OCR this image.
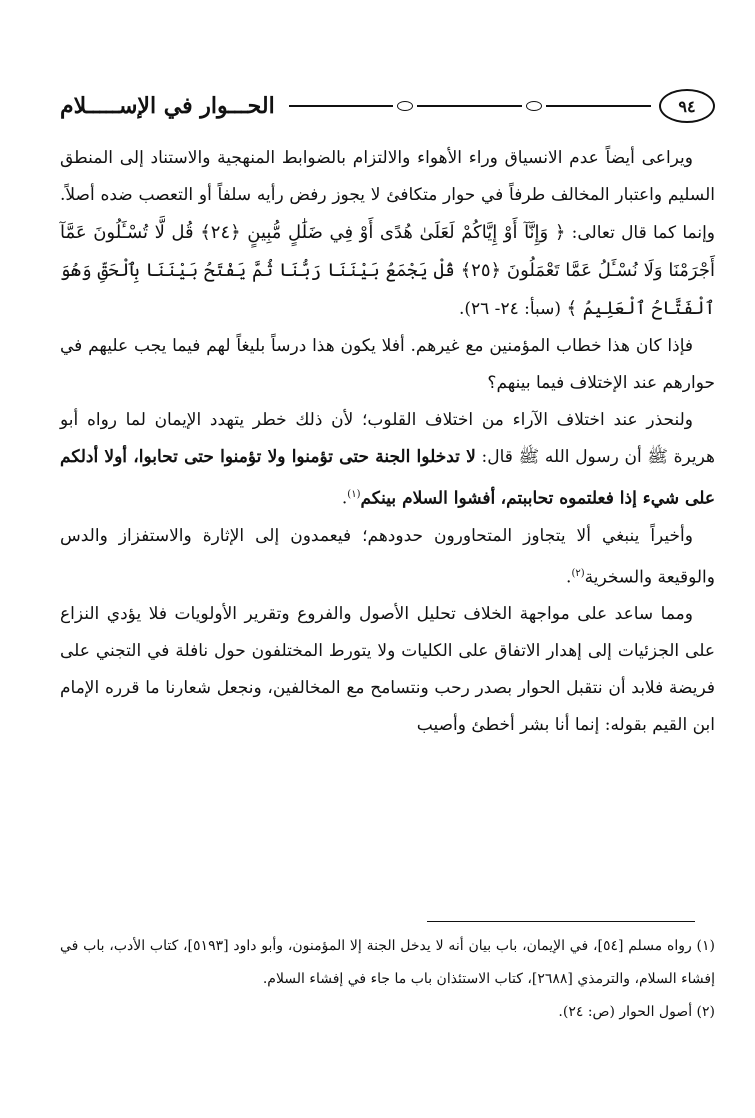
٩٤
الحـــوار في الإســـــلام

ويراعى أيضاً عدم الانسياق وراء الأهواء والالتزام بالضوابط المنهجية والاستناد إلى المنطق السليم واعتبار المخالف طرفاً في حوار متكافئ لا يجوز رفض رأيه سلفاً أو التعصب ضده أصلاً. وإنما كما قال تعالى: ﴿ وَإِنَّآ أَوْ إِيَّاكُمْ لَعَلَىٰ هُدًى أَوْ فِي ضَلَٰلٍ مُّبِينٍ ﴿٢٤﴾ قُل لَّا تُسْـَٔلُونَ عَمَّآ أَجْرَمْنَا وَلَا نُسْـَٔلُ عَمَّا تَعْمَلُونَ ﴿٢٥﴾ قُلْ يَجْمَعُ بَيْنَنَا رَبُّنَا ثُمَّ يَفْتَحُ بَيْنَنَا بِٱلْحَقِّ وَهُوَ ٱلْفَتَّاحُ ٱلْعَلِيمُ ﴾ (سبأ: ٢٤- ٢٦).

فإذا كان هذا خطاب المؤمنين مع غيرهم. أفلا يكون هذا درساً بليغاً لهم فيما يجب عليهم في حوارهم عند الإختلاف فيما بينهم؟

ولنحذر عند اختلاف الآراء من اختلاف القلوب؛ لأن ذلك خطر يتهدد الإيمان لما رواه أبو هريرة ﷺ أن رسول الله ﷺ قال: لا تدخلوا الجنة حتى تؤمنوا ولا تؤمنوا حتى تحابوا، أولا أدلكم على شيء إذا فعلتموه تحاببتم، أفشوا السلام بينكم$^{(١)}$.

وأخيراً ينبغي ألا يتجاوز المتحاورون حدودهم؛ فيعمدون إلى الإثارة والاستفزاز والدس والوقيعة والسخرية$^{(٢)}$.

ومما ساعد على مواجهة الخلاف تحليل الأصول والفروع وتقرير الأولويات فلا يؤدي النزاع على الجزئيات إلى إهدار الاتفاق على الكليات ولا يتورط المختلفون حول نافلة في التجني على فريضة فلابد أن نتقبل الحوار بصدر رحب ونتسامح مع المخالفين، ونجعل شعارنا ما قرره الإمام ابن القيم بقوله: إنما أنا بشر أخطئ وأصيب

(١) رواه مسلم [٥٤]، في الإيمان، باب بيان أنه لا يدخل الجنة إلا المؤمنون، وأبو داود [٥١٩٣]، كتاب الأدب، باب في إفشاء السلام، والترمذي [٢٦٨٨]، كتاب الاستئذان باب ما جاء في إفشاء السلام.

(٢) أصول الحوار (ص: ٢٤).
